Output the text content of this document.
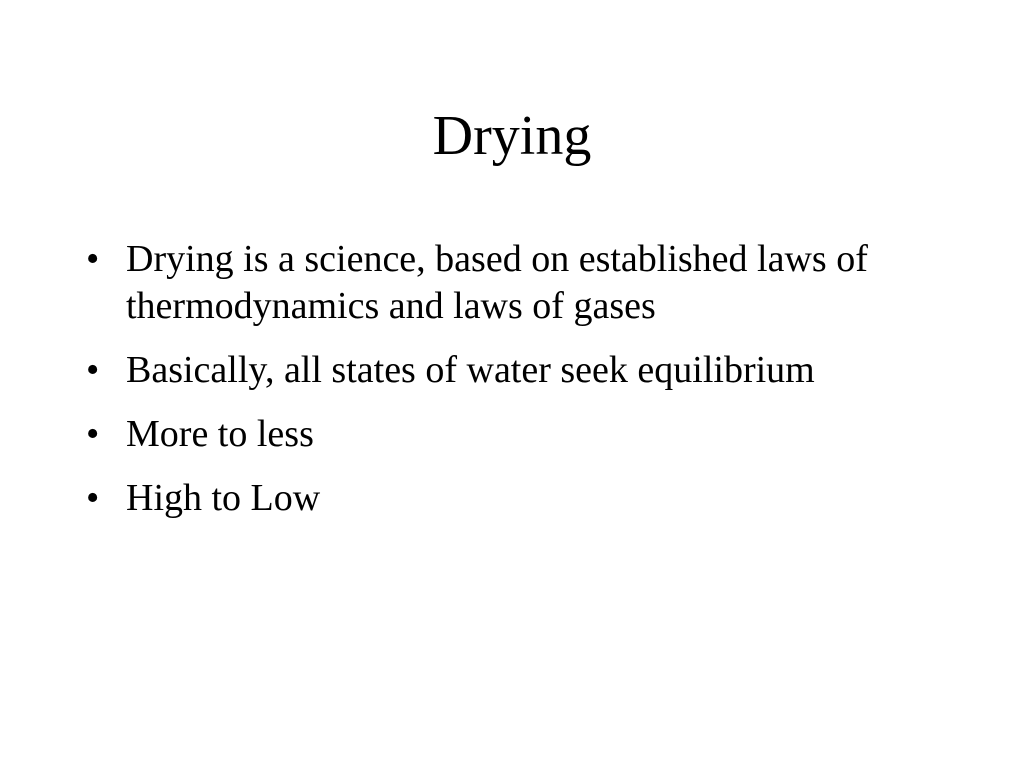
Drying
• Drying is a science, based on established laws of thermodynamics and laws of gases
• Basically, all states of water seek equilibrium
• More to less
• High to Low
